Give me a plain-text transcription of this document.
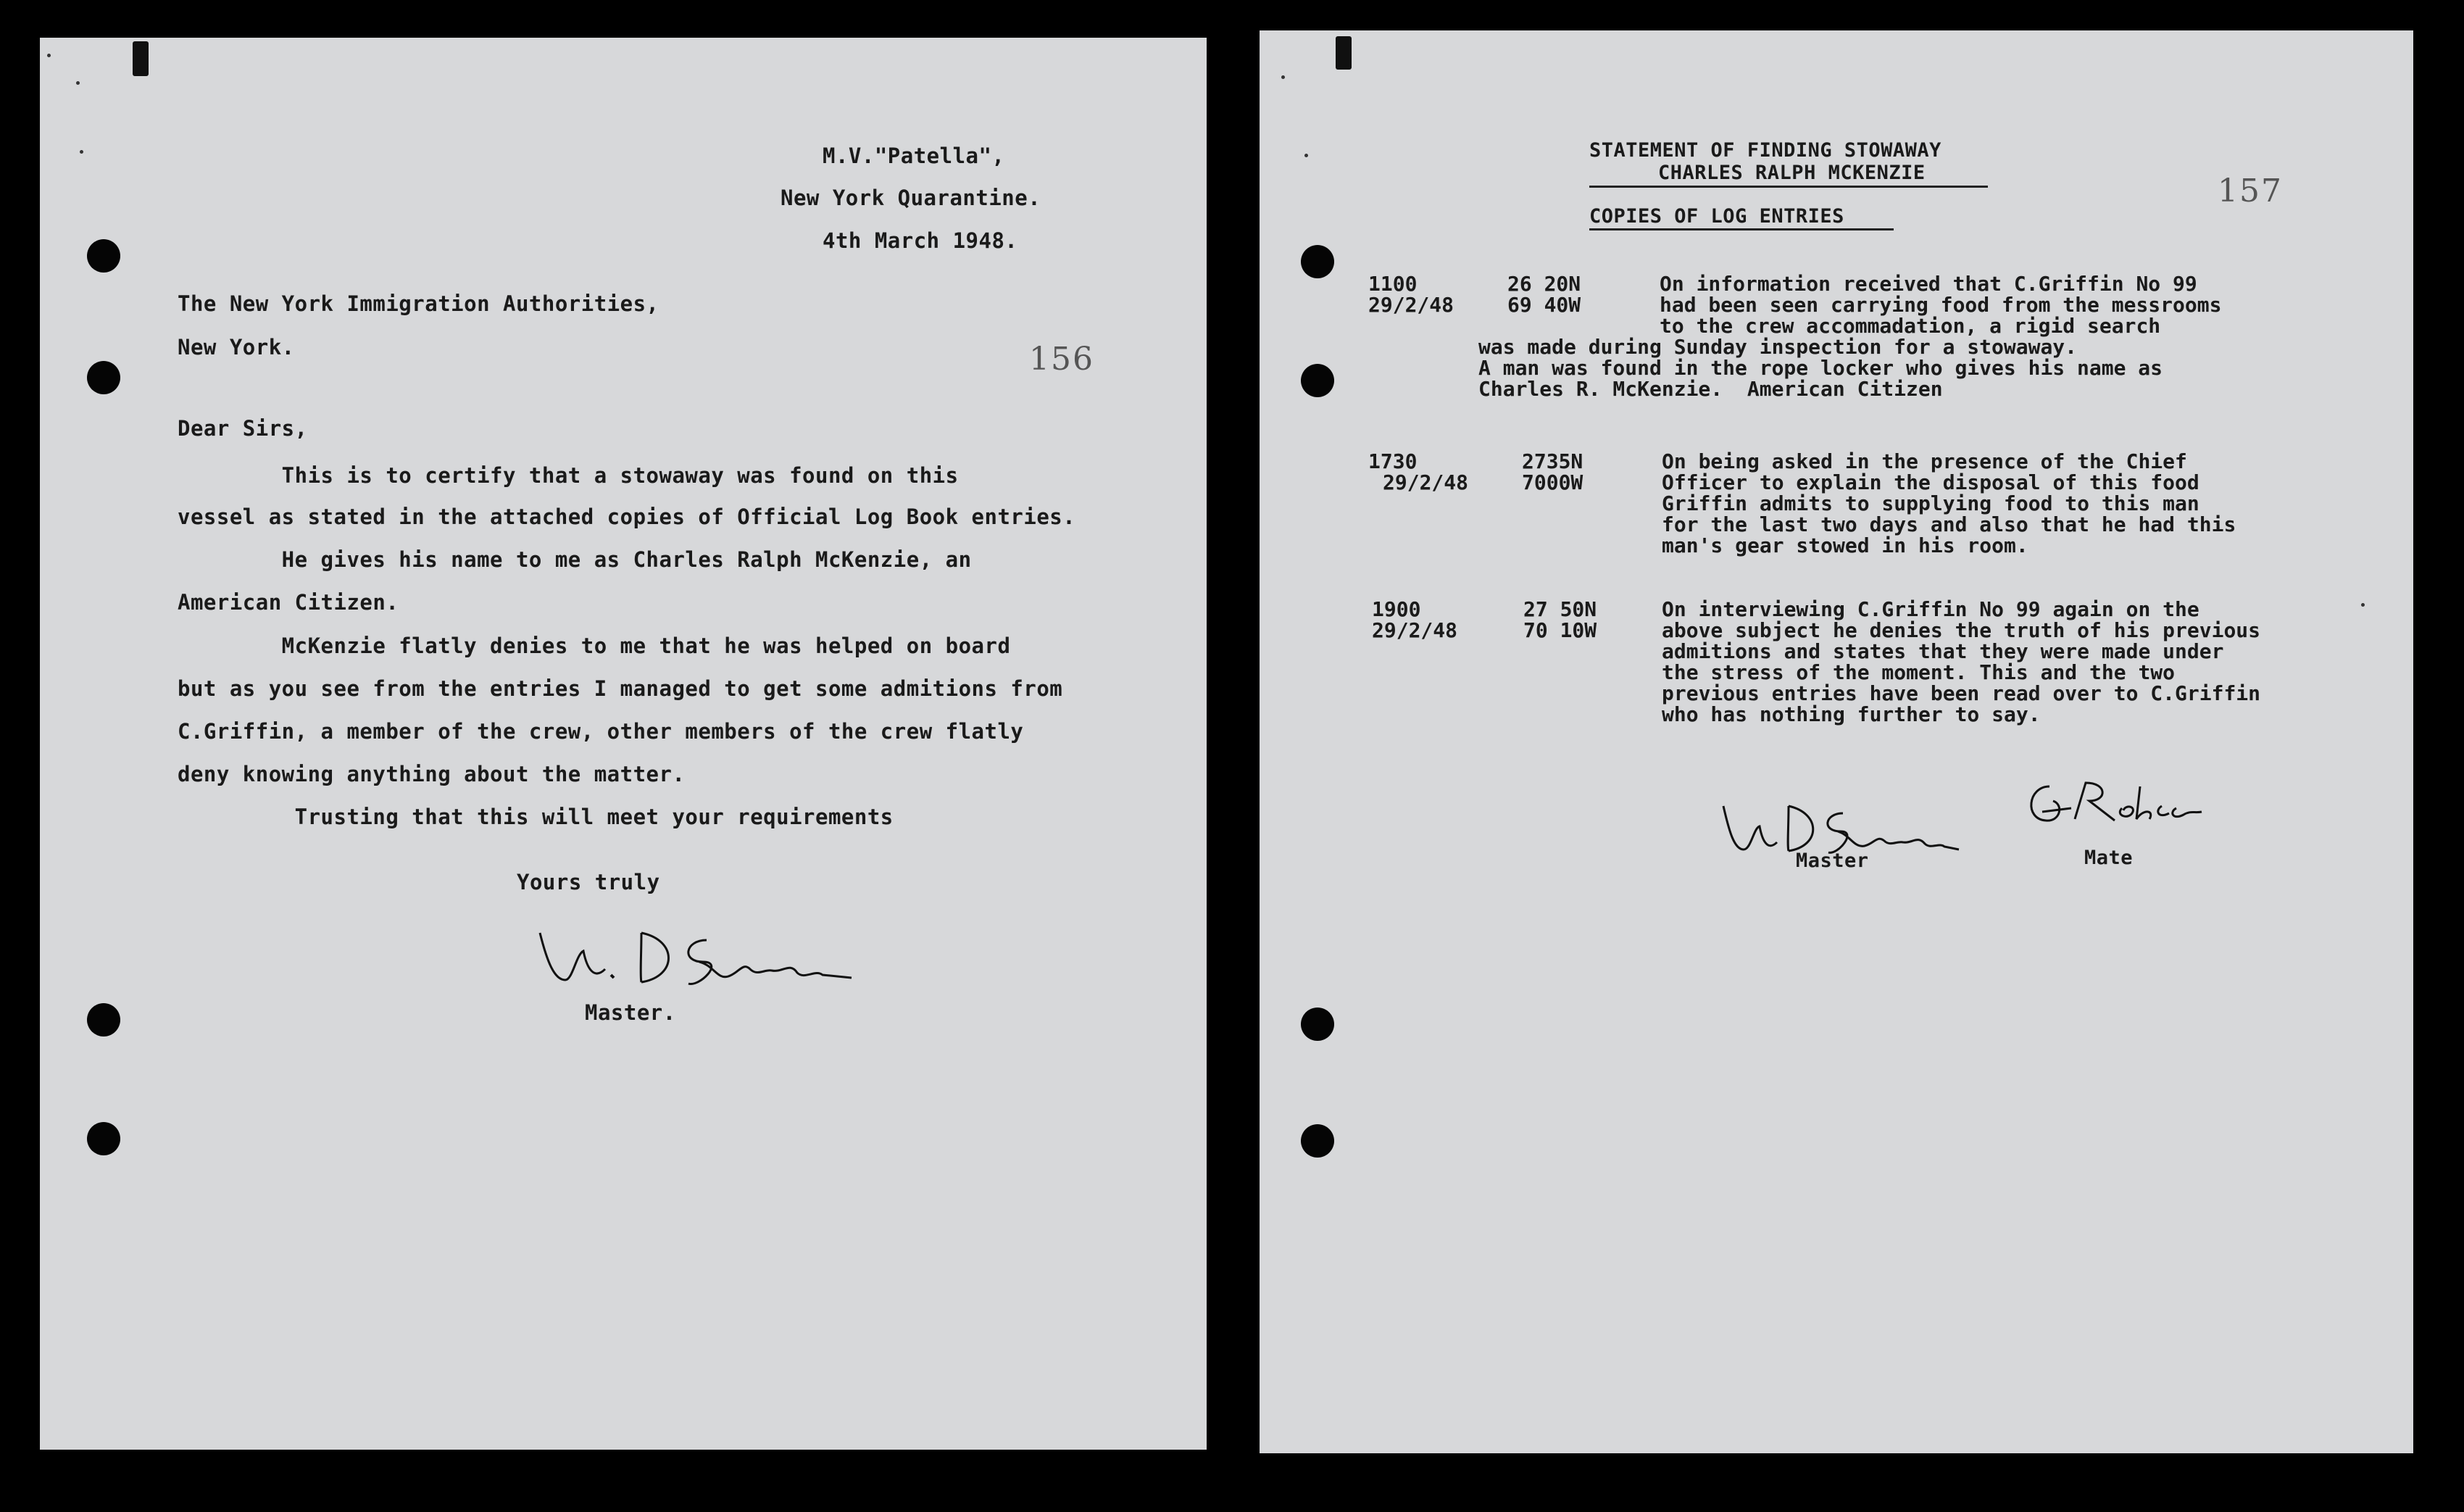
M.V."Patella",
New York Quarantine.
4th March 1948.
The New York Immigration Authorities,
New York.	156
Dear Sirs,
This is to certify that a stowaway was found on this
vessel as stated in the attached copies of Official Log Book entries.
He gives his name to me as Charles Ralph McKenzie, an
American Citizen.
McKenzie flatly denies to me that he was helped on board
but as you see from the entries I managed to get some admitions from
C.Griffin, a member of the crew, other members of the crew flatly
deny knowing anything about the matter.
Trusting that this will meet your requirements
Yours truly
Master.
STATEMENT OF FINDING STOWAWAY
CHARLES RALPH MCKENZIE
COPIES OF LOG ENTRIES
157
1100
29/2/48
26 20N
69 40W
On information received that C.Griffin No 99
had been seen carrying food from the messrooms
to the crew accommadation, a rigid search
was made during Sunday inspection for a stowaway.
A man was found in the rope locker who gives his name as
Charles R. McKenzie.  American Citizen
1730
29/2/48
2735N
7000W
On being asked in the presence of the Chief
Officer to explain the disposal of this food
Griffin admits to supplying food to this man
for the last two days and also that he had this
man's gear stowed in his room.
1900
29/2/48
27 50N
70 10W
On interviewing C.Griffin No 99 again on the
above subject he denies the truth of his previous
admitions and states that they were made under
the stress of the moment. This and the two
previous entries have been read over to C.Griffin
who has nothing further to say.
Master	Mate
